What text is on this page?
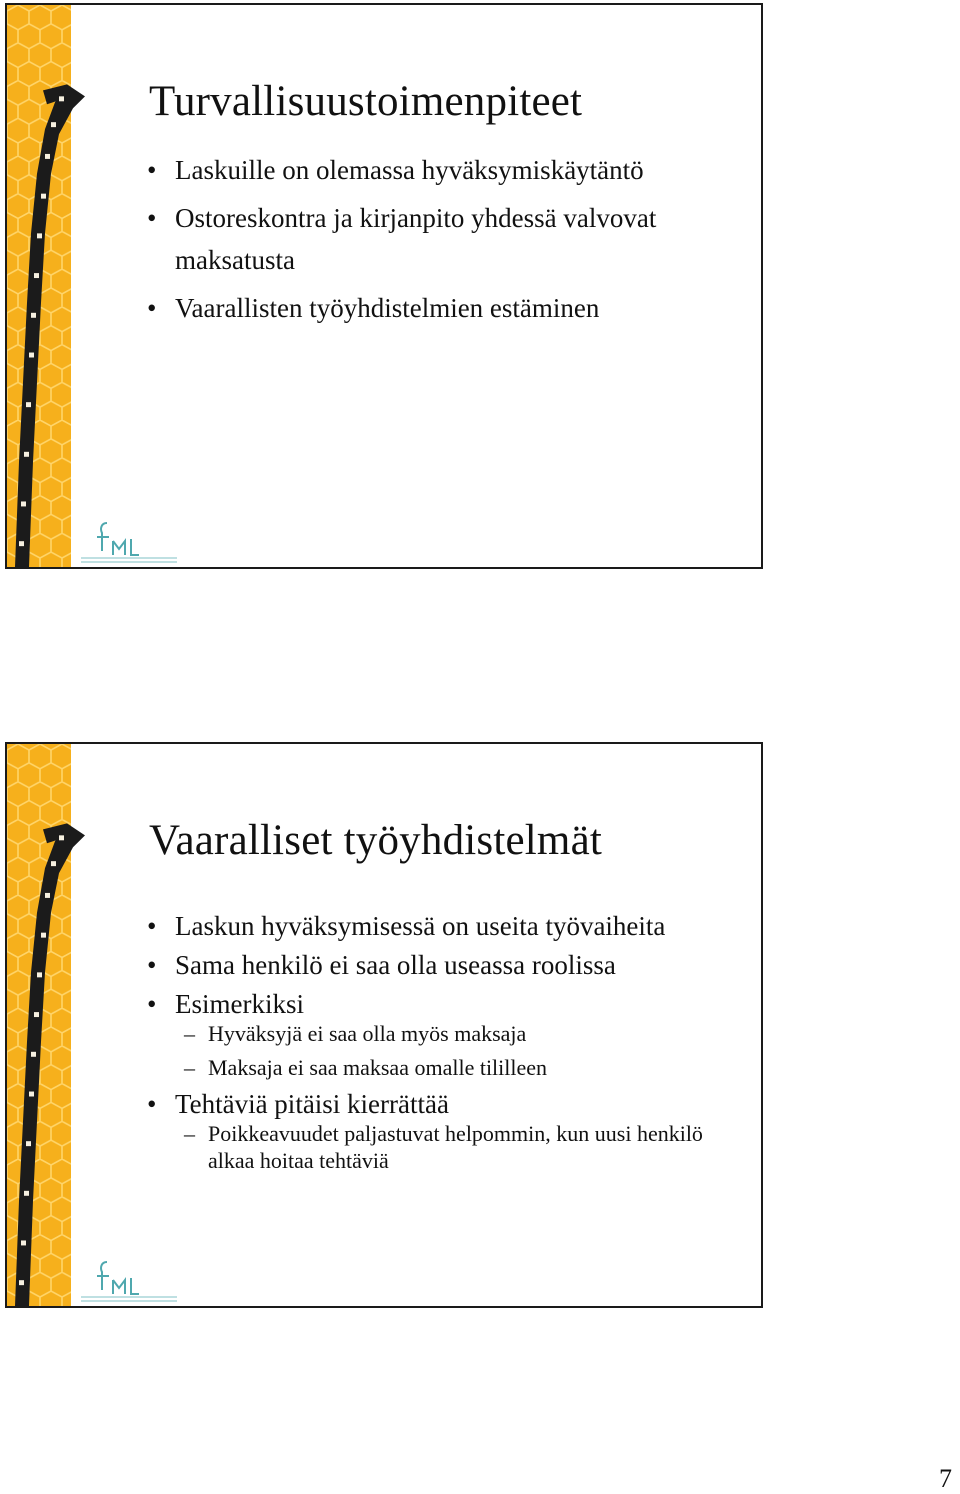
Turvallisuustoimenpiteet
• Laskuille on olemassa hyväksymiskäytäntö
• Ostoreskontra ja kirjanpito yhdessä valvovat maksatusta
• Vaarallisten työyhdistelmien estäminen
Vaaralliset työyhdistelmät
• Laskun hyväksymisessä on useita työvaiheita
• Sama henkilö ei saa olla useassa roolissa
• Esimerkiksi
– Hyväksyjä ei saa olla myös maksaja
– Maksaja ei saa maksaa omalle tililleen
• Tehtäviä pitäisi kierrättää
– Poikkeavuudet paljastuvat helpommin, kun uusi henkilö alkaa hoitaa tehtäviä
7
